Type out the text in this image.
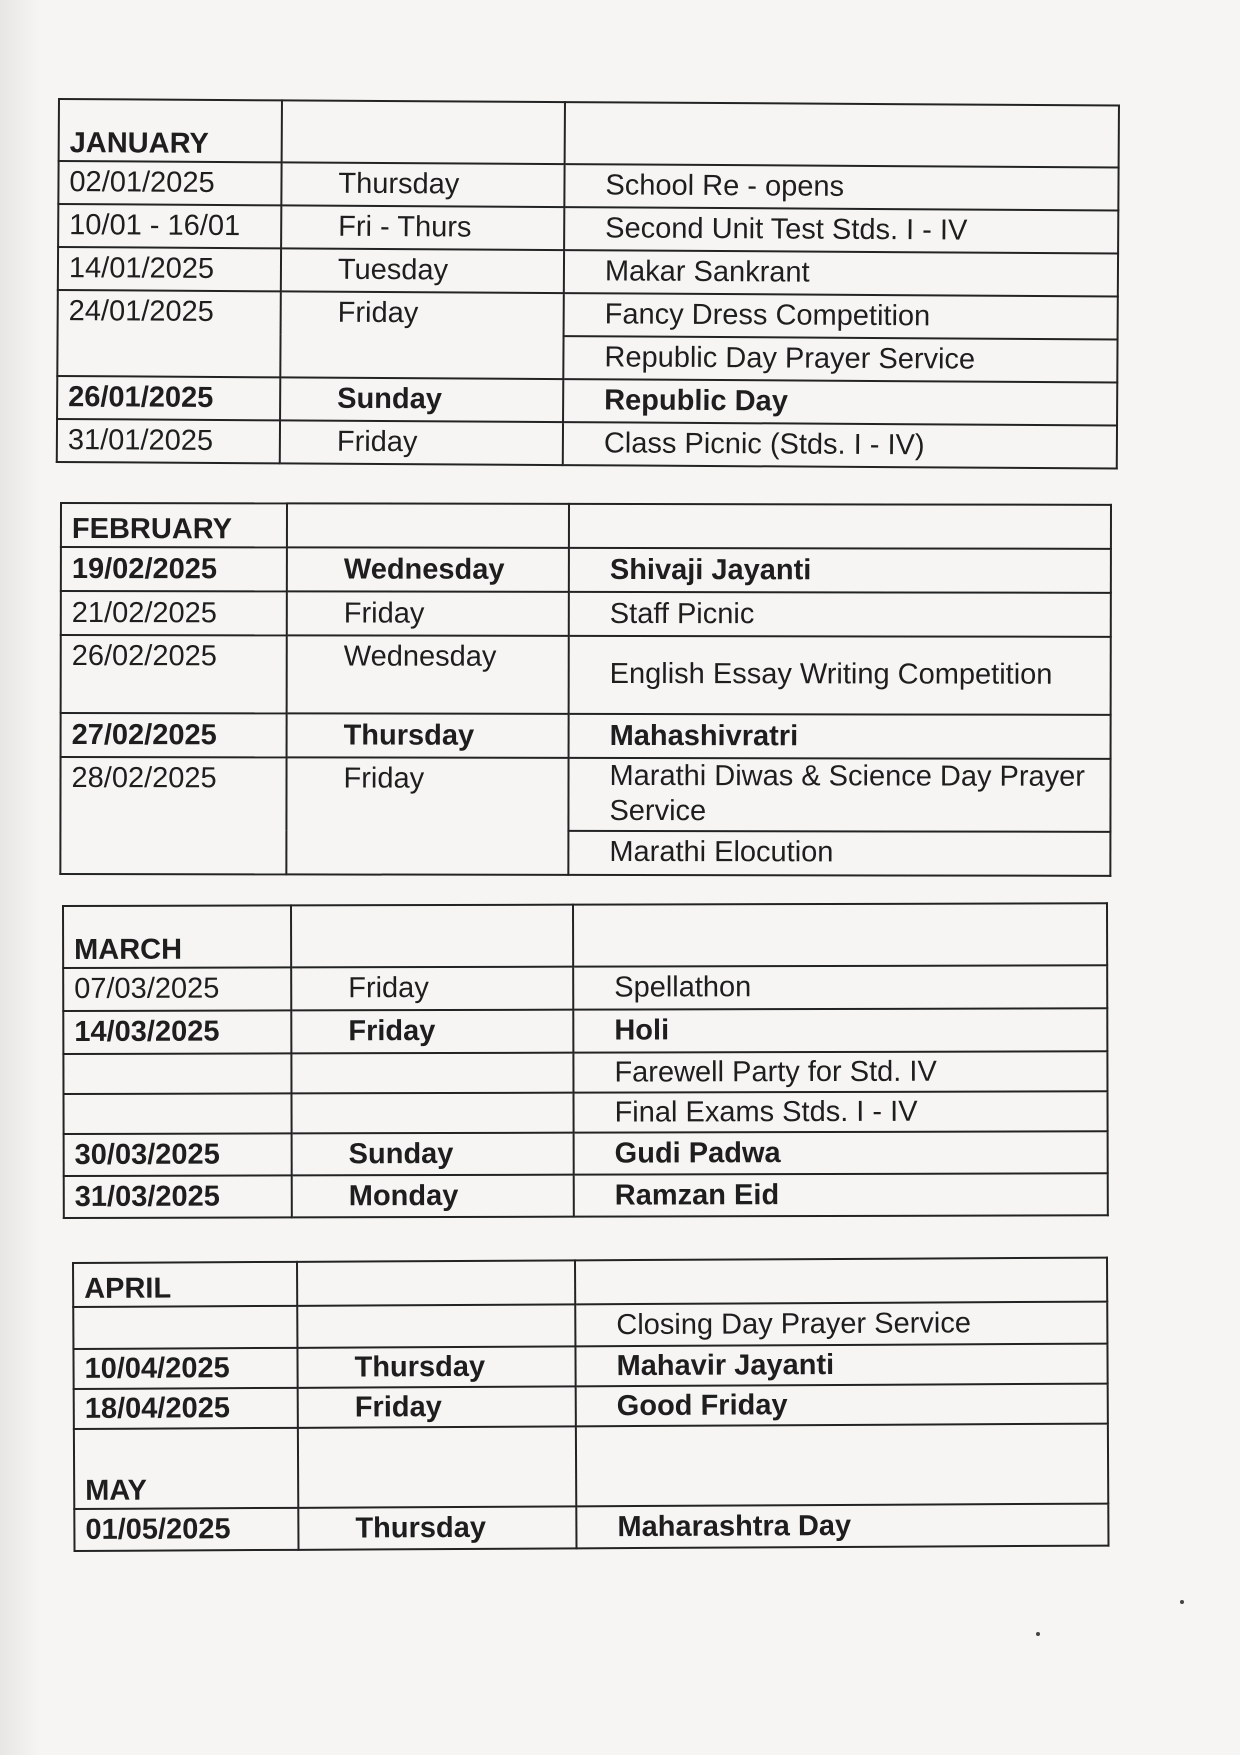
JANUARY		
02/01/2025	Thursday	School Re - opens
10/01 - 16/01	Fri - Thurs	Second Unit Test Stds. I - IV
14/01/2025	Tuesday	Makar Sankrant
24/01/2025	Friday	Fancy Dress Competition
		Republic Day Prayer Service
26/01/2025	Sunday	Republic Day
31/01/2025	Friday	Class Picnic (Stds. I - IV)
FEBRUARY		
19/02/2025	Wednesday	Shivaji Jayanti
21/02/2025	Friday	Staff Picnic
26/02/2025	Wednesday	English Essay Writing Competition
27/02/2025	Thursday	Mahashivratri
28/02/2025	Friday	Marathi Diwas & Science Day Prayer Service
		Marathi Elocution
MARCH		
07/03/2025	Friday	Spellathon
14/03/2025	Friday	Holi
		Farewell Party for Std. IV
		Final Exams Stds. I - IV
30/03/2025	Sunday	Gudi Padwa
31/03/2025	Monday	Ramzan Eid
APRIL		
		Closing Day Prayer Service
10/04/2025	Thursday	Mahavir Jayanti
18/04/2025	Friday	Good Friday
MAY		
01/05/2025	Thursday	Maharashtra Day
